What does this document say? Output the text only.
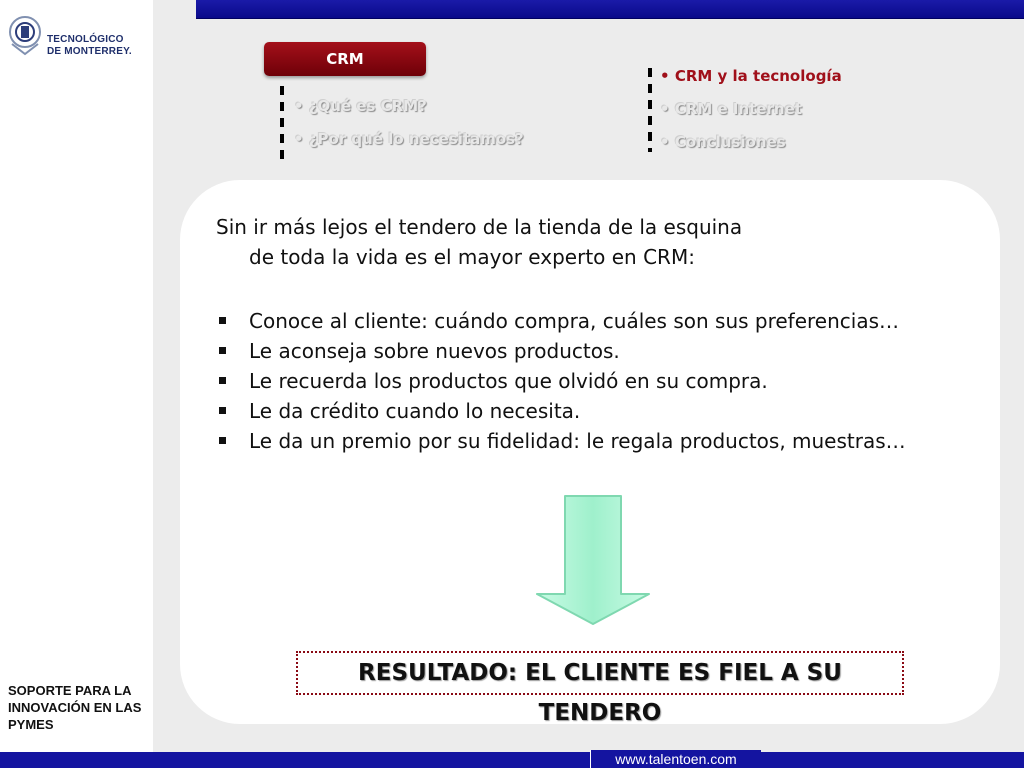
TECNOLÓGICO
DE MONTERREY.
SOPORTE PARA LA INNOVACIÓN EN LAS PYMES
CRM
• ¿Qué es CRM?
• ¿Por qué lo necesitamos?
• CRM y la tecnología
• CRM e Internet
• Conclusiones
Sin ir más lejos el tendero de la tienda de la esquina
de toda la vida es el mayor experto en CRM:
Conoce al cliente: cuándo compra, cuáles son sus preferencias…
Le aconseja sobre nuevos productos.
Le recuerda los productos que olvidó en su compra.
Le da crédito cuando lo necesita.
Le da un premio por su fidelidad: le regala productos, muestras…
RESULTADO: EL CLIENTE ES FIEL A SU TENDERO
www.talentoen.com
